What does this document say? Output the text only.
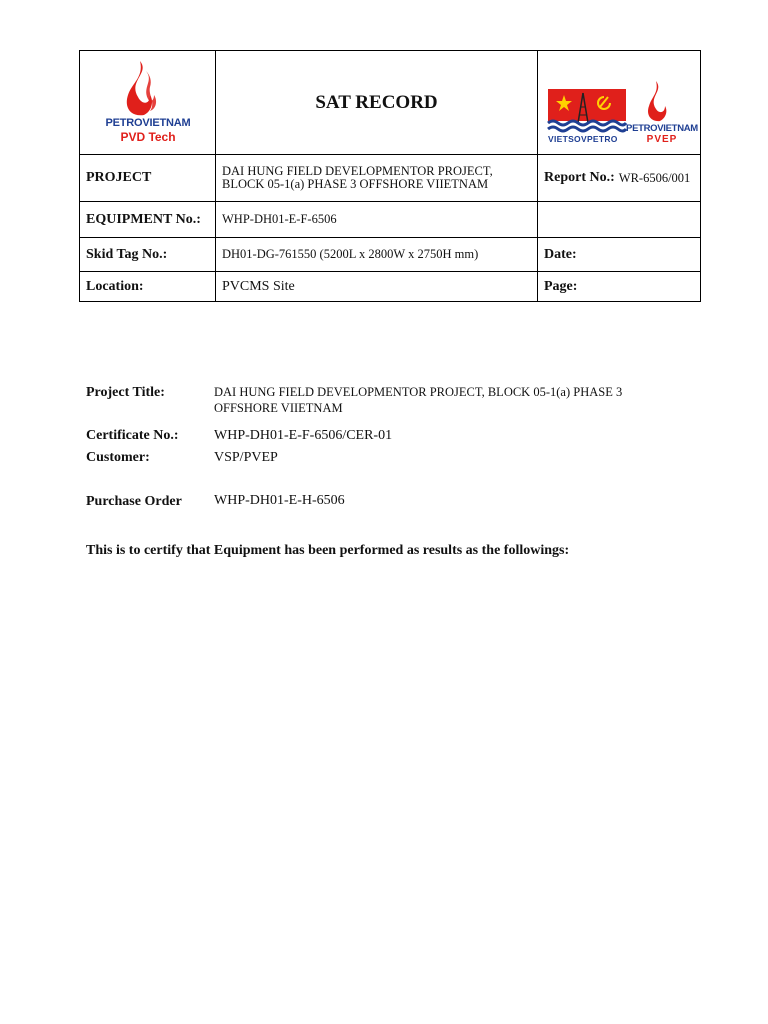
PETROVIETNAM
PVD Tech
SAT RECORD
VIETSOVPETRO
PETROVIETNAM
PVEP
PROJECT	DAI HUNG FIELD DEVELOPMENTOR PROJECT,
BLOCK 05-1(a) PHASE 3 OFFSHORE VIIETNAM	Report No.: WR-6506/001
EQUIPMENT No.:	WHP-DH01-E-F-6506
Skid Tag No.:	DH01-DG-761550 (5200L x 2800W x 2750H mm)	Date:
Location:	PVCMS Site	Page:
Project Title:	DAI HUNG FIELD DEVELOPMENTOR PROJECT, BLOCK 05-1(a) PHASE 3
OFFSHORE VIIETNAM
Certificate No.:	WHP-DH01-E-F-6506/CER-01
Customer:	VSP/PVEP
Purchase Order WHP-DH01-E-H-6506
This is to certify that Equipment has been performed as results as the followings:
